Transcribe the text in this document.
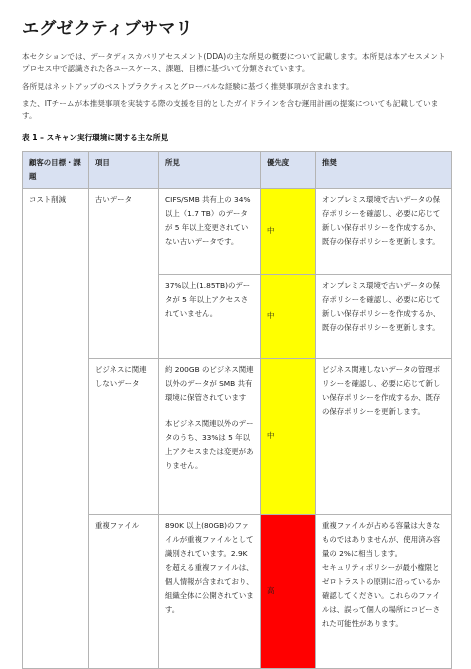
エグゼクティブサマリ

本セクションでは、データディスカバリアセスメント(DDA)の主な所見の概要について記載します。本所見は本アセスメントプロセス中で認識された各ユースケース、課題、目標に基づいて分類されています。

各所見はネットアップのベストプラクティスとグローバルな経験に基づく推奨事項が含まれます。

また、ITチームが本推奨事項を実装する際の支援を目的としたガイドラインを含む運用計画の提案についても記載しています。

表 1 – スキャン実行環境に関する主な所見
顧客の目標・課題	項目	所見	優先度	推奨
コスト削減	古いデータ	CIFS/SMB 共有上の 34% 以上（1.7 TB）のデータが 5 年以上変更されていない古いデータです。	中	オンプレミス環境で古いデータの保存ポリシーを確認し、必要に応じて新しい保存ポリシーを作成するか、既存の保存ポリシーを更新します。
		37%以上(1.85TB)のデータが 5 年以上アクセスされていません。	中	オンプレミス環境で古いデータの保存ポリシーを確認し、必要に応じて新しい保存ポリシーを作成するか、既存の保存ポリシーを更新します。
	ビジネスに関連しないデータ	約 200GB のビジネス関連以外のデータが SMB 共有環境に保管されています
本ビジネス関連以外のデータのうち、33%は 5 年以上アクセスまたは変更がありません。	中	ビジネス関連しないデータの管理ポリシーを確認し、必要に応じて新しい保存ポリシーを作成するか、既存の保存ポリシーを更新します。
	重複ファイル	890K 以上(80GB)のファイルが重複ファイルとして識別されています。2.9K を超える重複ファイルは、個人情報が含まれており、組織全体に公開されています。	高	重複ファイルが占める容量は大きなものではありませんが、使用済み容量の 2%に相当します。
セキュリティポリシーが最小権限とゼロトラストの原則に沿っているか確認してください。これらのファイルは、誤って個人の場所にコピーされた可能性があります。
